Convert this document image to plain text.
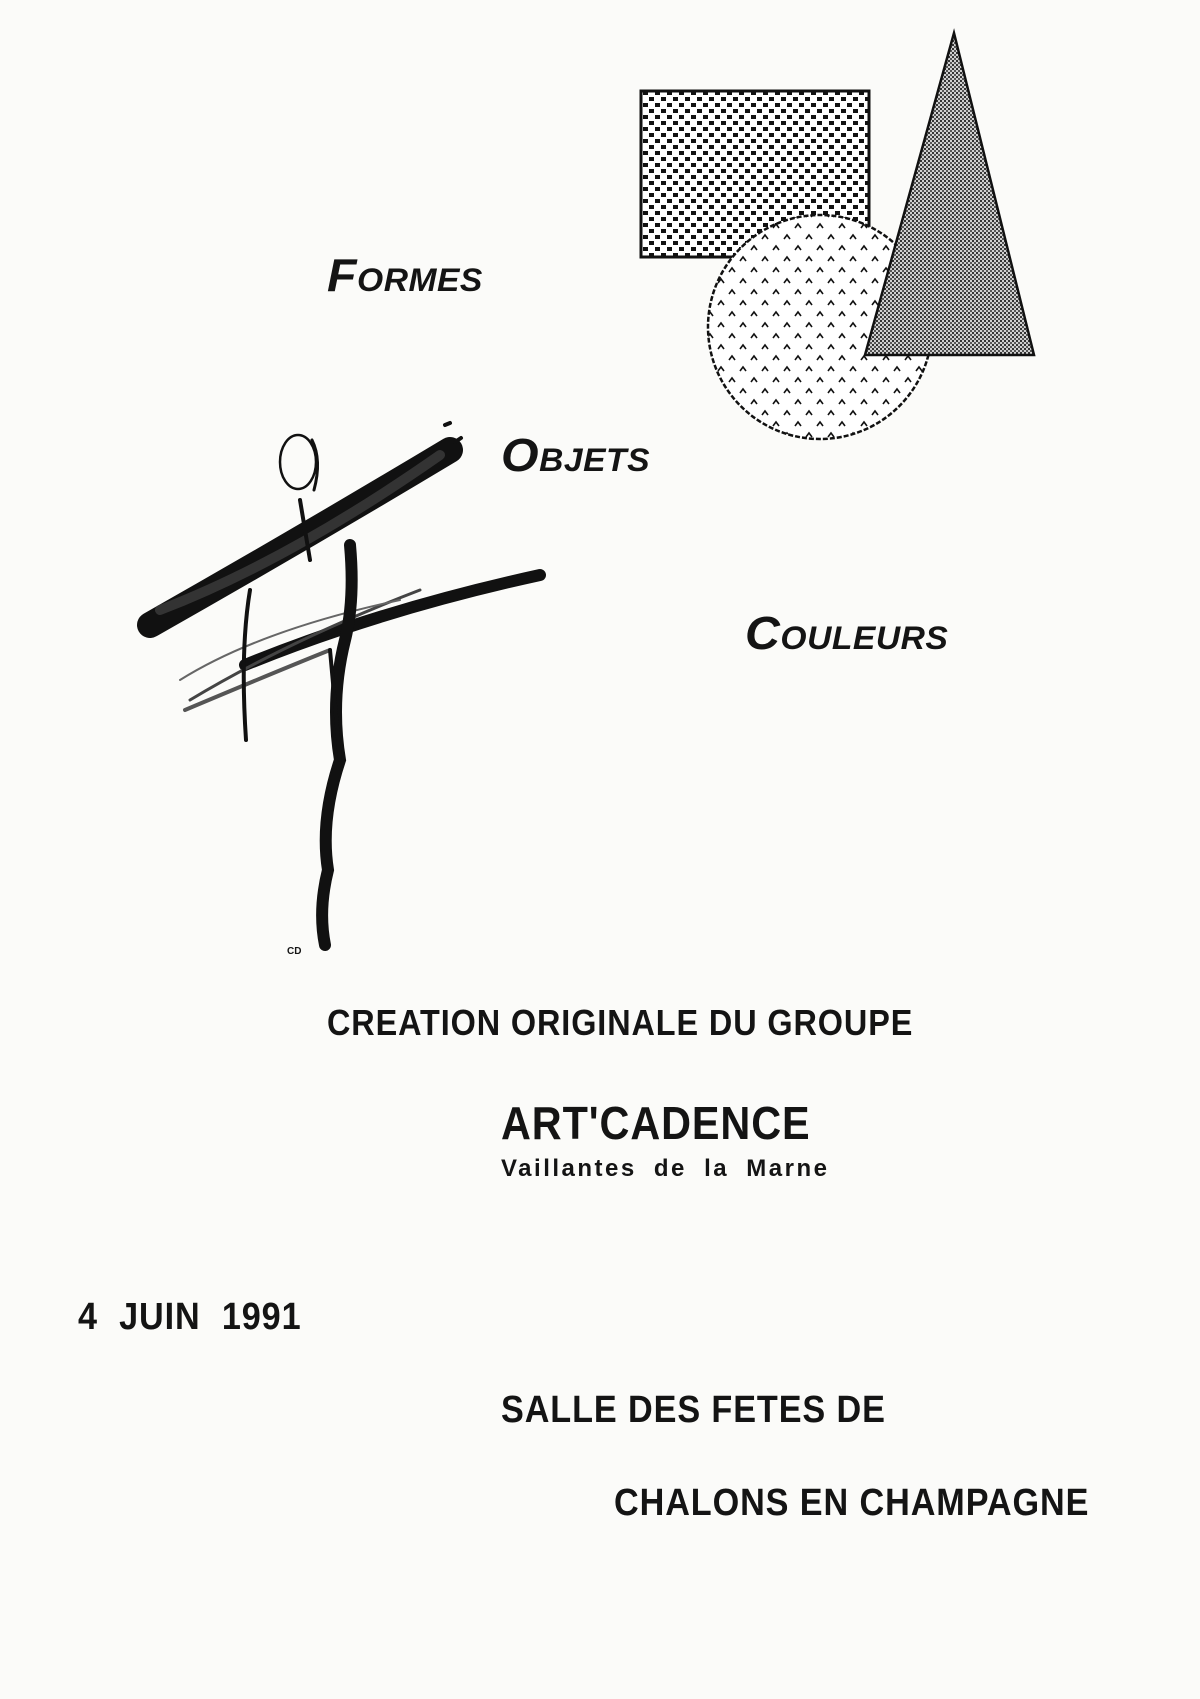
Formes
Objets
Couleurs
CD
CREATION ORIGINALE DU GROUPE
ART'CADENCE
Vaillantes de la Marne
4 JUIN 1991
SALLE DES FETES DE
CHALONS EN CHAMPAGNE
